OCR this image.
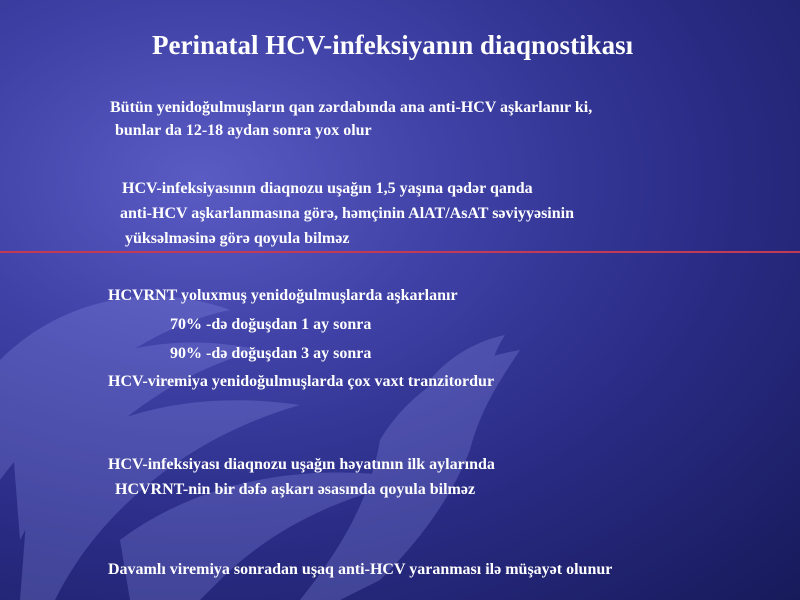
Perinatal HCV-infeksiyanın diaqnostikası
Bütün yenidoğulmuşların qan zərdabında ana anti-HCV aşkarlanır ki,
bunlar da 12-18 aydan sonra yox olur
HCV-infeksiyasının diaqnozu uşağın 1,5 yaşına qədər qanda
anti-HCV aşkarlanmasına görə, həmçinin AlAT/AsAT səviyyəsinin
yüksəlməsinə görə qoyula bilməz
HCVRNT yoluxmuş yenidoğulmuşlarda aşkarlanır
70% -də doğuşdan 1 ay sonra
90% -də doğuşdan 3 ay sonra
HCV-viremiya yenidoğulmuşlarda çox vaxt tranzitordur
HCV-infeksiyası diaqnozu uşağın həyatının ilk aylarında
HCVRNT-nin bir dəfə aşkarı əsasında qoyula bilməz
Davamlı viremiya sonradan uşaq anti-HCV yaranması ilə müşayət olunur
